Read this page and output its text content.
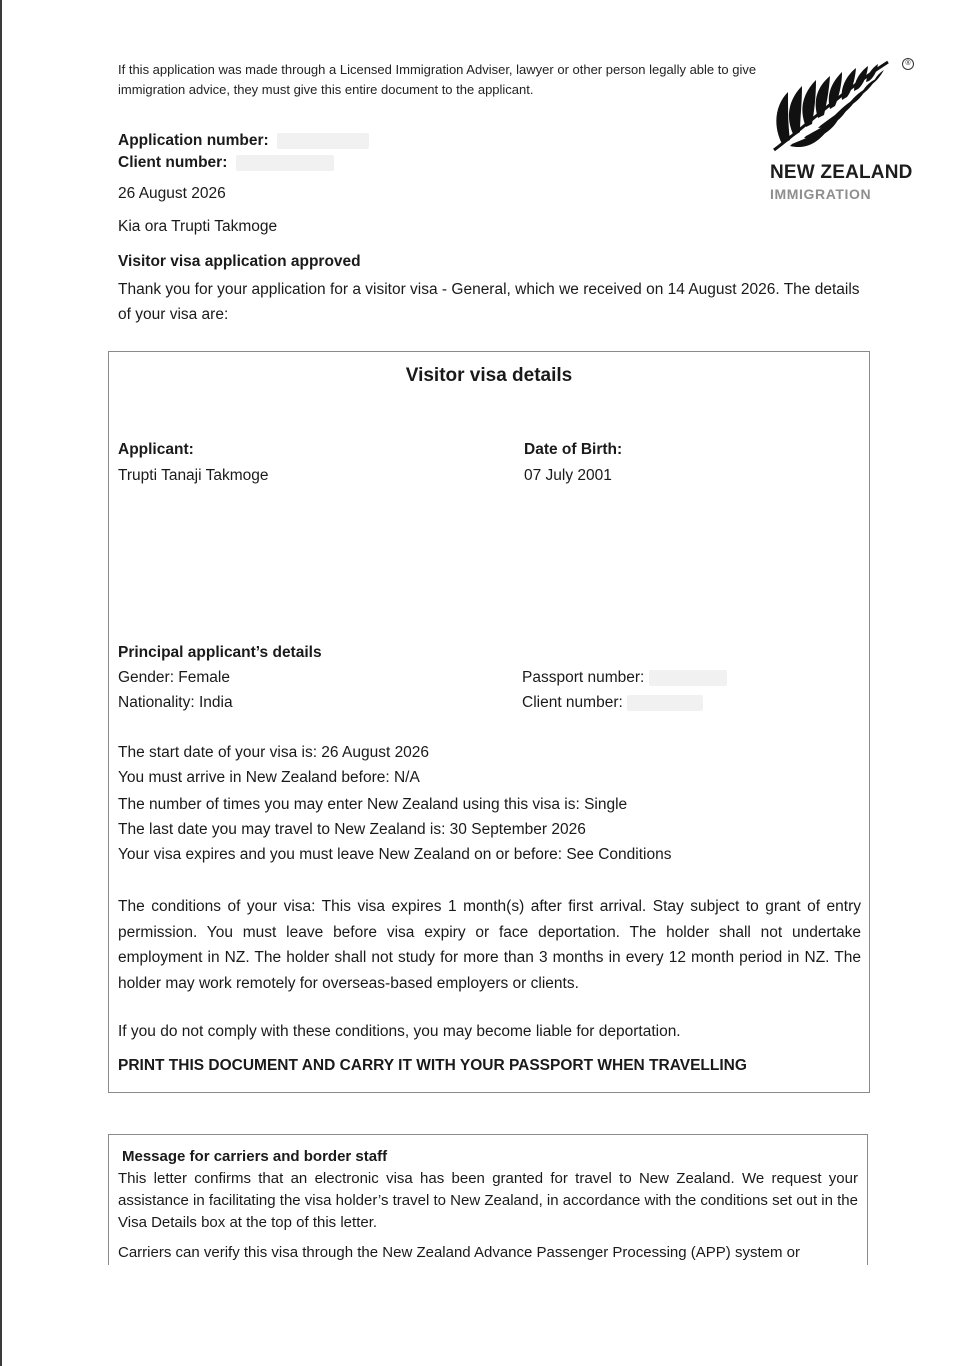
If this application was made through a Licensed Immigration Adviser, lawyer or other person legally able to give immigration advice, they must give this entire document to the applicant.
®
NEW ZEALAND
IMMIGRATION
Application number:
Client number:
26 August 2026
Kia ora Trupti Takmoge
Visitor visa application approved
Thank you for your application for a visitor visa - General, which we received on 14 August 2026. The details of your visa are:
Visitor visa details
Applicant:
Trupti Tanaji Takmoge
Date of Birth:
07 July 2001
Principal applicant’s details
Gender: Female
Nationality: India
Passport number:
Client number:
The start date of your visa is: 26 August 2026
You must arrive in New Zealand before: N/A
The number of times you may enter New Zealand using this visa is: Single
The last date you may travel to New Zealand is: 30 September 2026
Your visa expires and you must leave New Zealand on or before: See Conditions
The conditions of your visa: This visa expires 1 month(s) after first arrival. Stay subject to grant of entry permission. You must leave before visa expiry or face deportation. The holder shall not undertake employment in NZ. The holder shall not study for more than 3 months in every 12 month period in NZ. The holder may work remotely for overseas-based employers or clients.
If you do not comply with these conditions, you may become liable for deportation.
PRINT THIS DOCUMENT AND CARRY IT WITH YOUR PASSPORT WHEN TRAVELLING
Message for carriers and border staff
This letter confirms that an electronic visa has been granted for travel to New Zealand. We request your assistance in facilitating the visa holder’s travel to New Zealand, in accordance with the conditions set out in the Visa Details box at the top of this letter.
Carriers can verify this visa through the New Zealand Advance Passenger Processing (APP) system or
